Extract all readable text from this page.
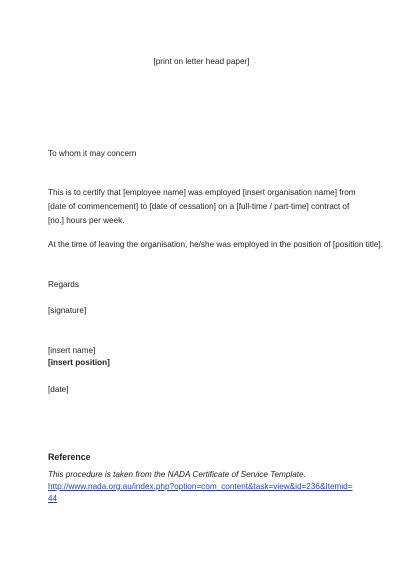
[print on letter head paper]

To whom it may concern

This is to certify that [employee name] was employed [insert organisation name] from [date of commencement] to [date of cessation] on a [full-time / part-time] contract of [no.] hours per week.

At the time of leaving the organisation, he/she was employed in the position of [position title].

Regards

[signature]

[insert name]

[insert position]

[date]

Reference

This procedure is taken from the NADA Certificate of Service Template.

http://www.nada.org.au/index.php?option=com_content&task=view&id=236&Itemid=
44
